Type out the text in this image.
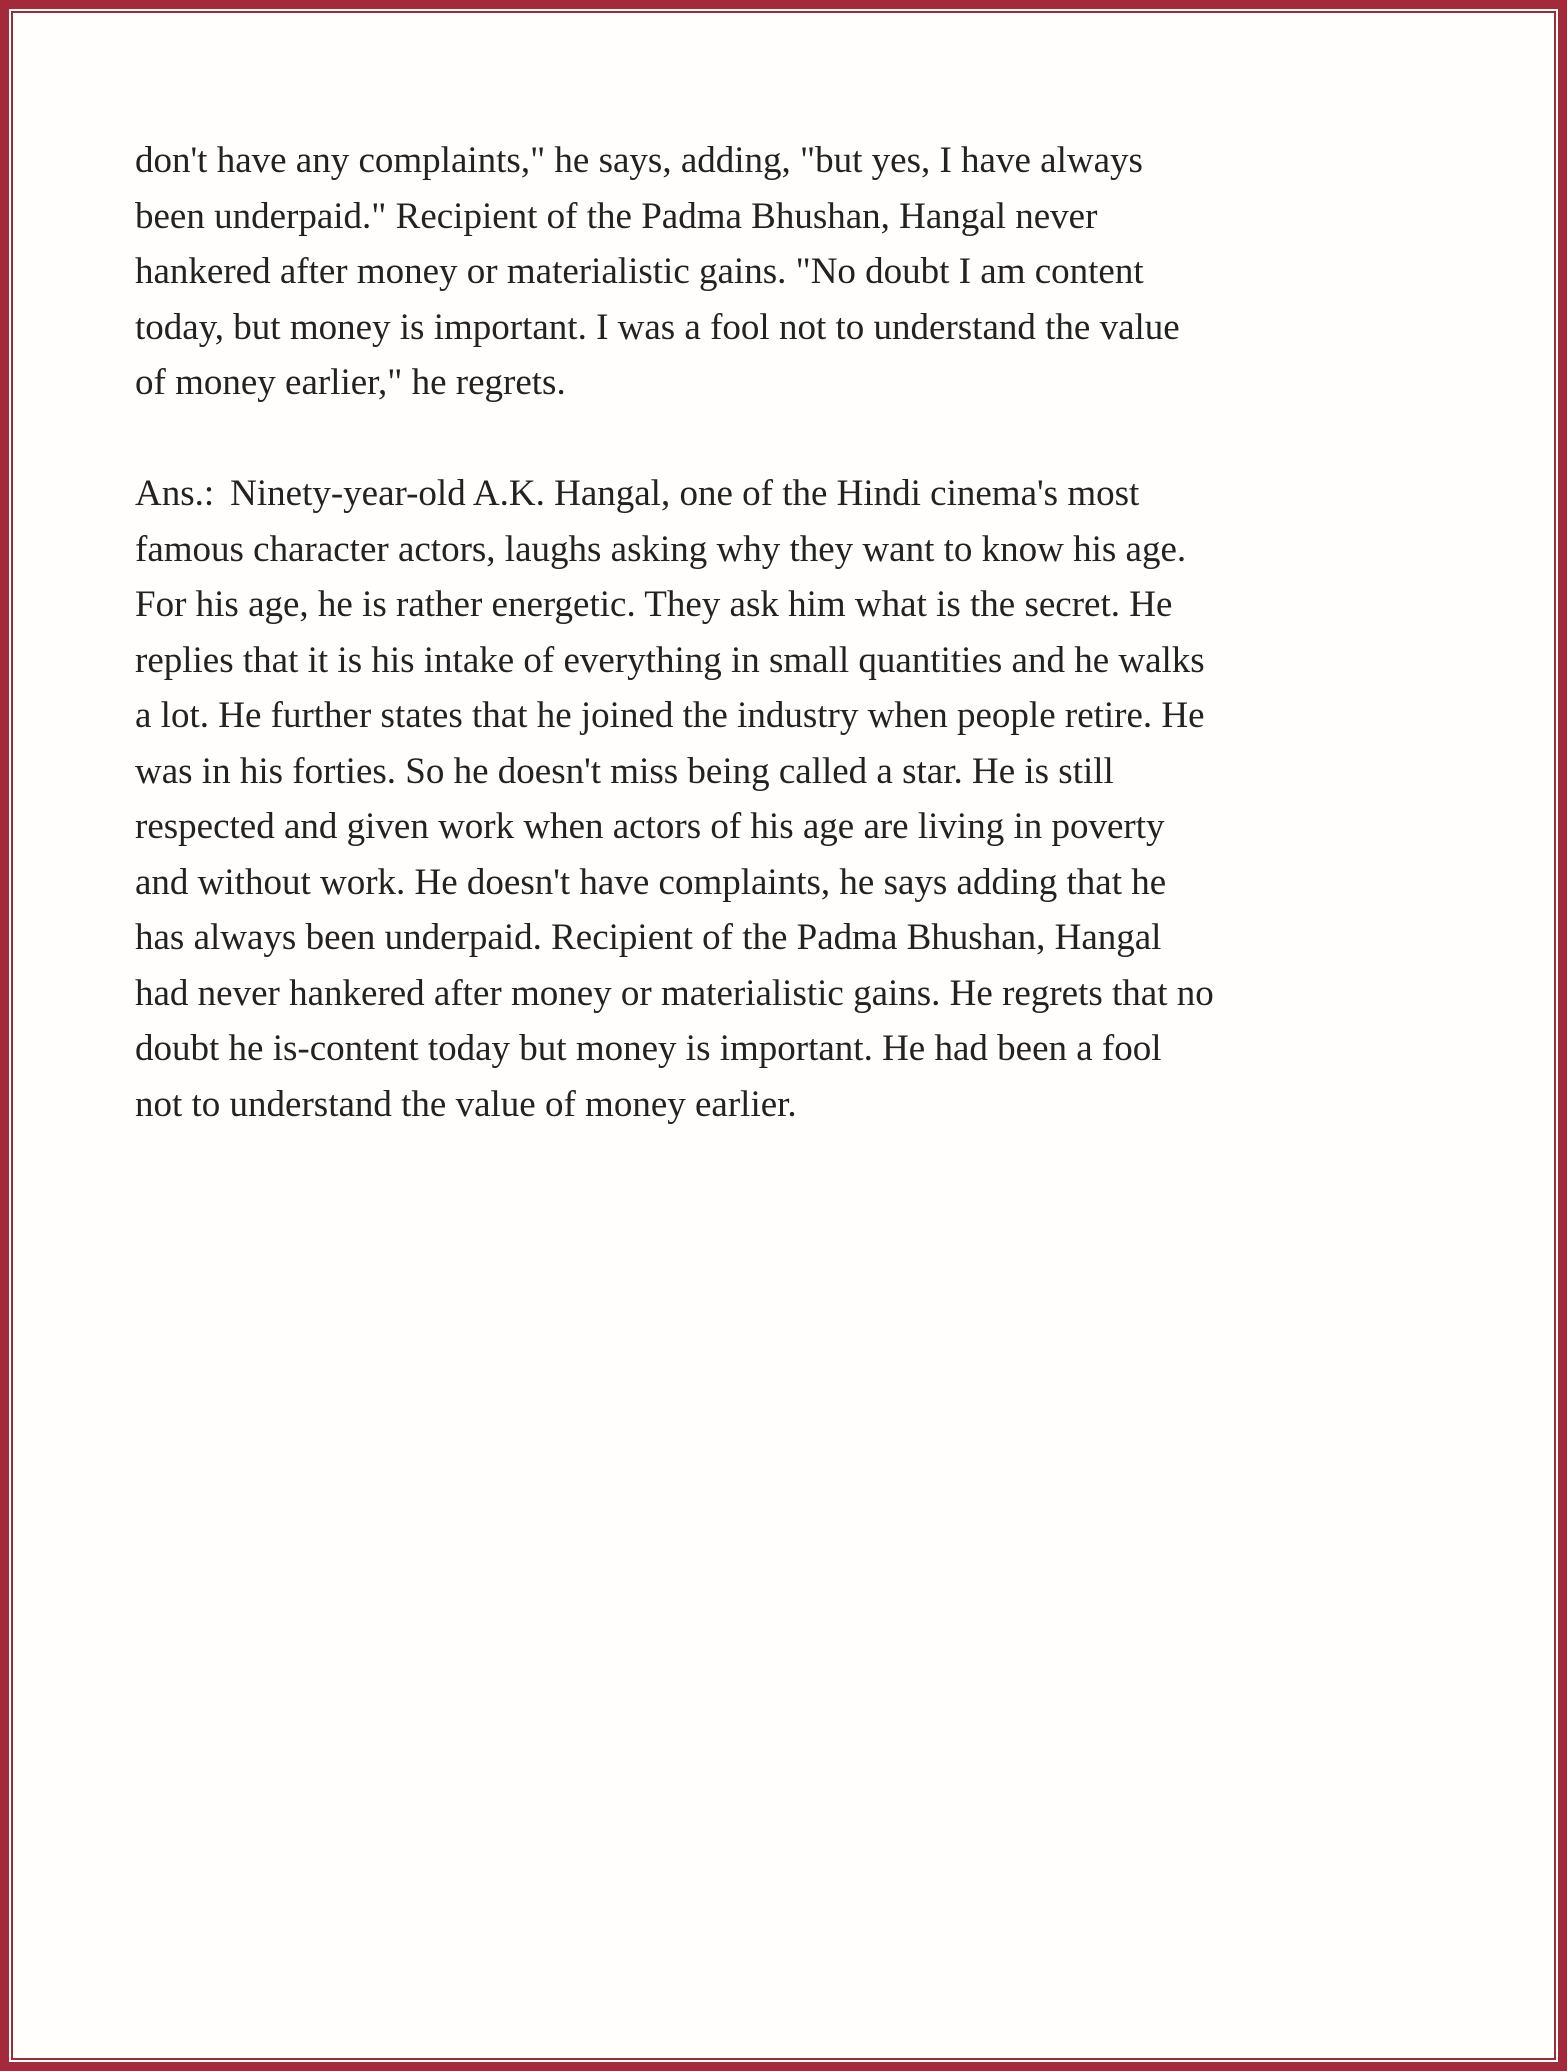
don't have any complaints," he says, adding, "but yes, I have always
been underpaid." Recipient of the Padma Bhushan, Hangal never
hankered after money or materialistic gains. "No doubt I am content
today, but money is important. I was a fool not to understand the value
of money earlier," he regrets.
Ans.: Ninety-year-old A.K. Hangal, one of the Hindi cinema's most
famous character actors, laughs asking why they want to know his age.
For his age, he is rather energetic. They ask him what is the secret. He
replies that it is his intake of everything in small quantities and he walks
a lot. He further states that he joined the industry when people retire. He
was in his forties. So he doesn't miss being called a star. He is still
respected and given work when actors of his age are living in poverty
and without work. He doesn't have complaints, he says adding that he
has always been underpaid. Recipient of the Padma Bhushan, Hangal
had never hankered after money or materialistic gains. He regrets that no
doubt he is-content today but money is important. He had been a fool
not to understand the value of money earlier.
